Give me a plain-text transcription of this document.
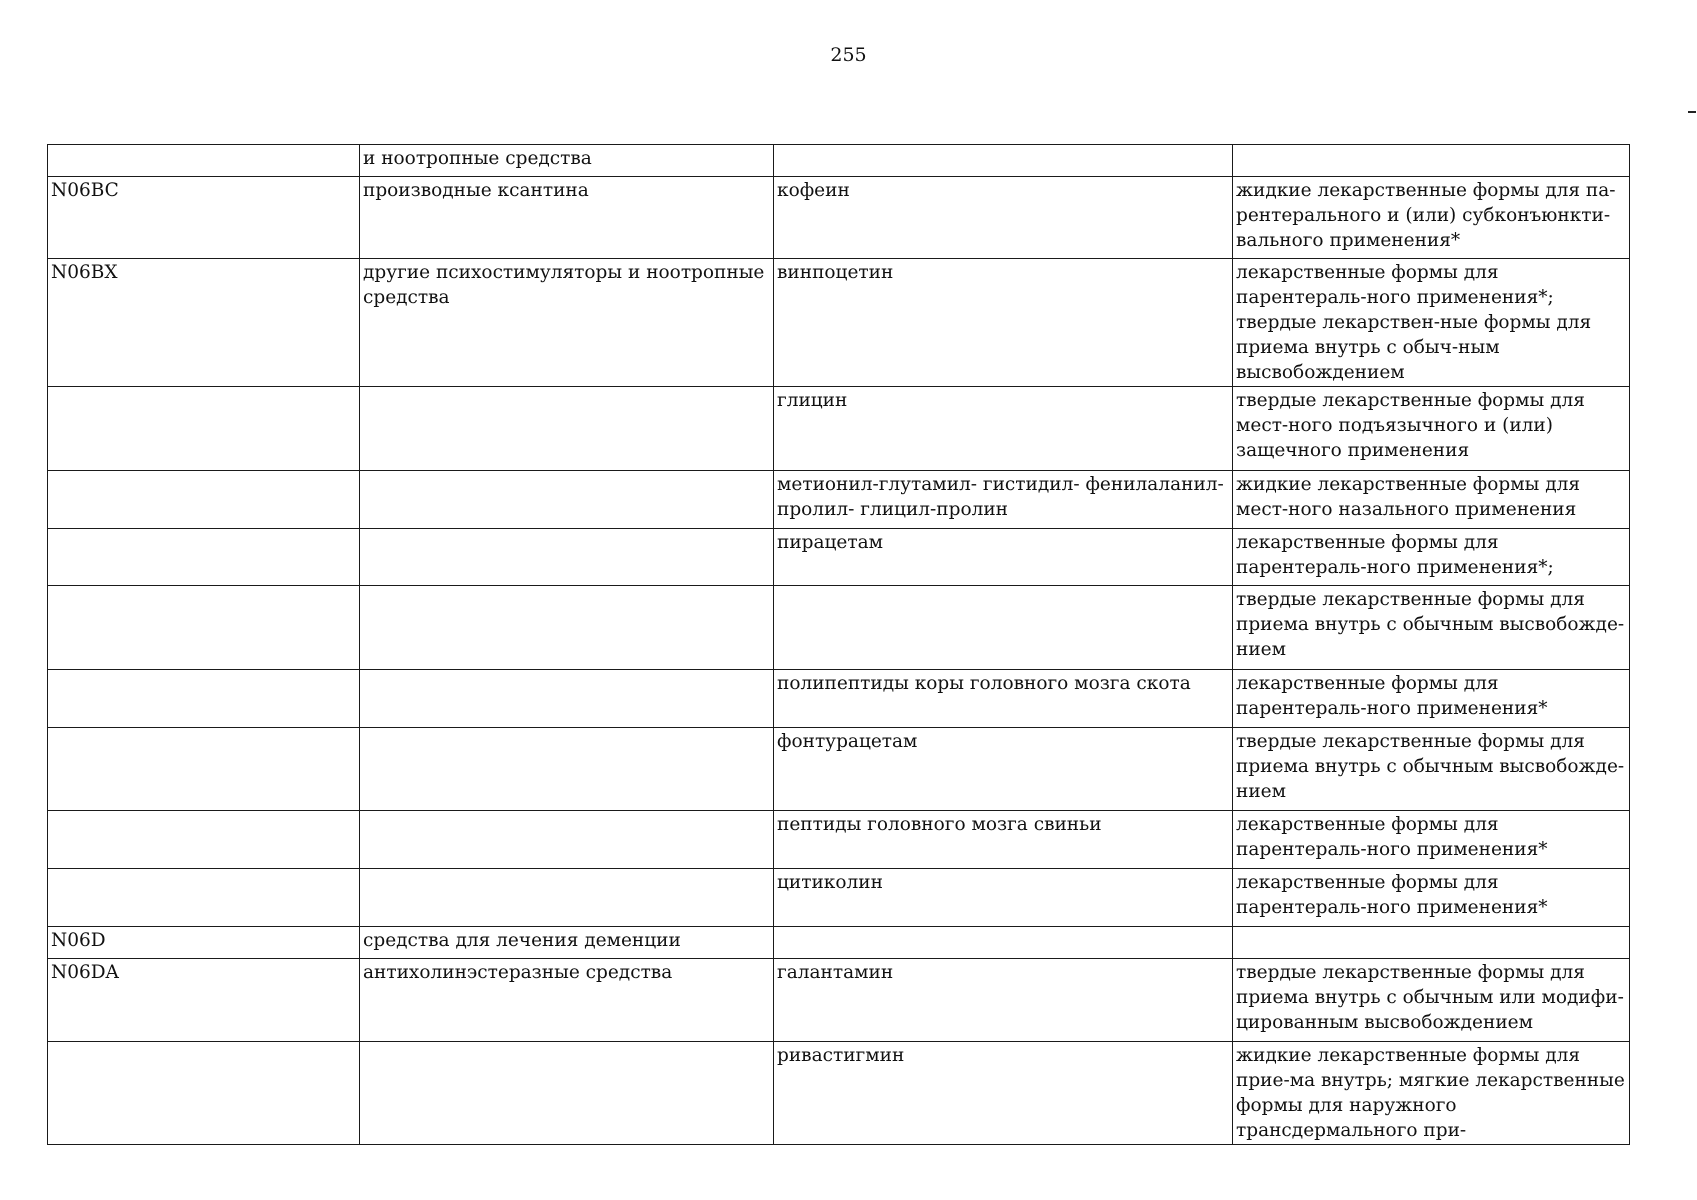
255
	и ноотропные средства		
N06BC	производные ксантина	кофеин	жидкие лекарственные формы для па-рентерального и (или) субконъюнкти-вального применения*
N06BX	другие психостимуляторы и ноотропные средства	винпоцетин	лекарственные формы для парентераль-ного применения*; твердые лекарствен-ные формы для приема внутрь с обыч-ным высвобождением
		глицин	твердые лекарственные формы для мест-ного подъязычного и (или) защечного применения
		метионил-глутамил- гистидил- фенилаланил-пролил- глицил-пролин	жидкие лекарственные формы для мест-ного назального применения
		пирацетам	лекарственные формы для парентераль-ного применения*;
			твердые лекарственные формы для приема внутрь с обычным высвобожде-нием
		полипептиды коры головного мозга скота	лекарственные формы для парентераль-ного применения*
		фонтурацетам	твердые лекарственные формы для приема внутрь с обычным высвобожде-нием
		пептиды головного мозга свиньи	лекарственные формы для парентераль-ного применения*
		цитиколин	лекарственные формы для парентераль-ного применения*
N06D	средства для лечения деменции		
N06DA	антихолинэстеразные средства	галантамин	твердые лекарственные формы для приема внутрь с обычным или модифи-цированным высвобождением
		ривастигмин	жидкие лекарственные формы для прие-ма внутрь; мягкие лекарственные формы для наружного трансдермального при-
